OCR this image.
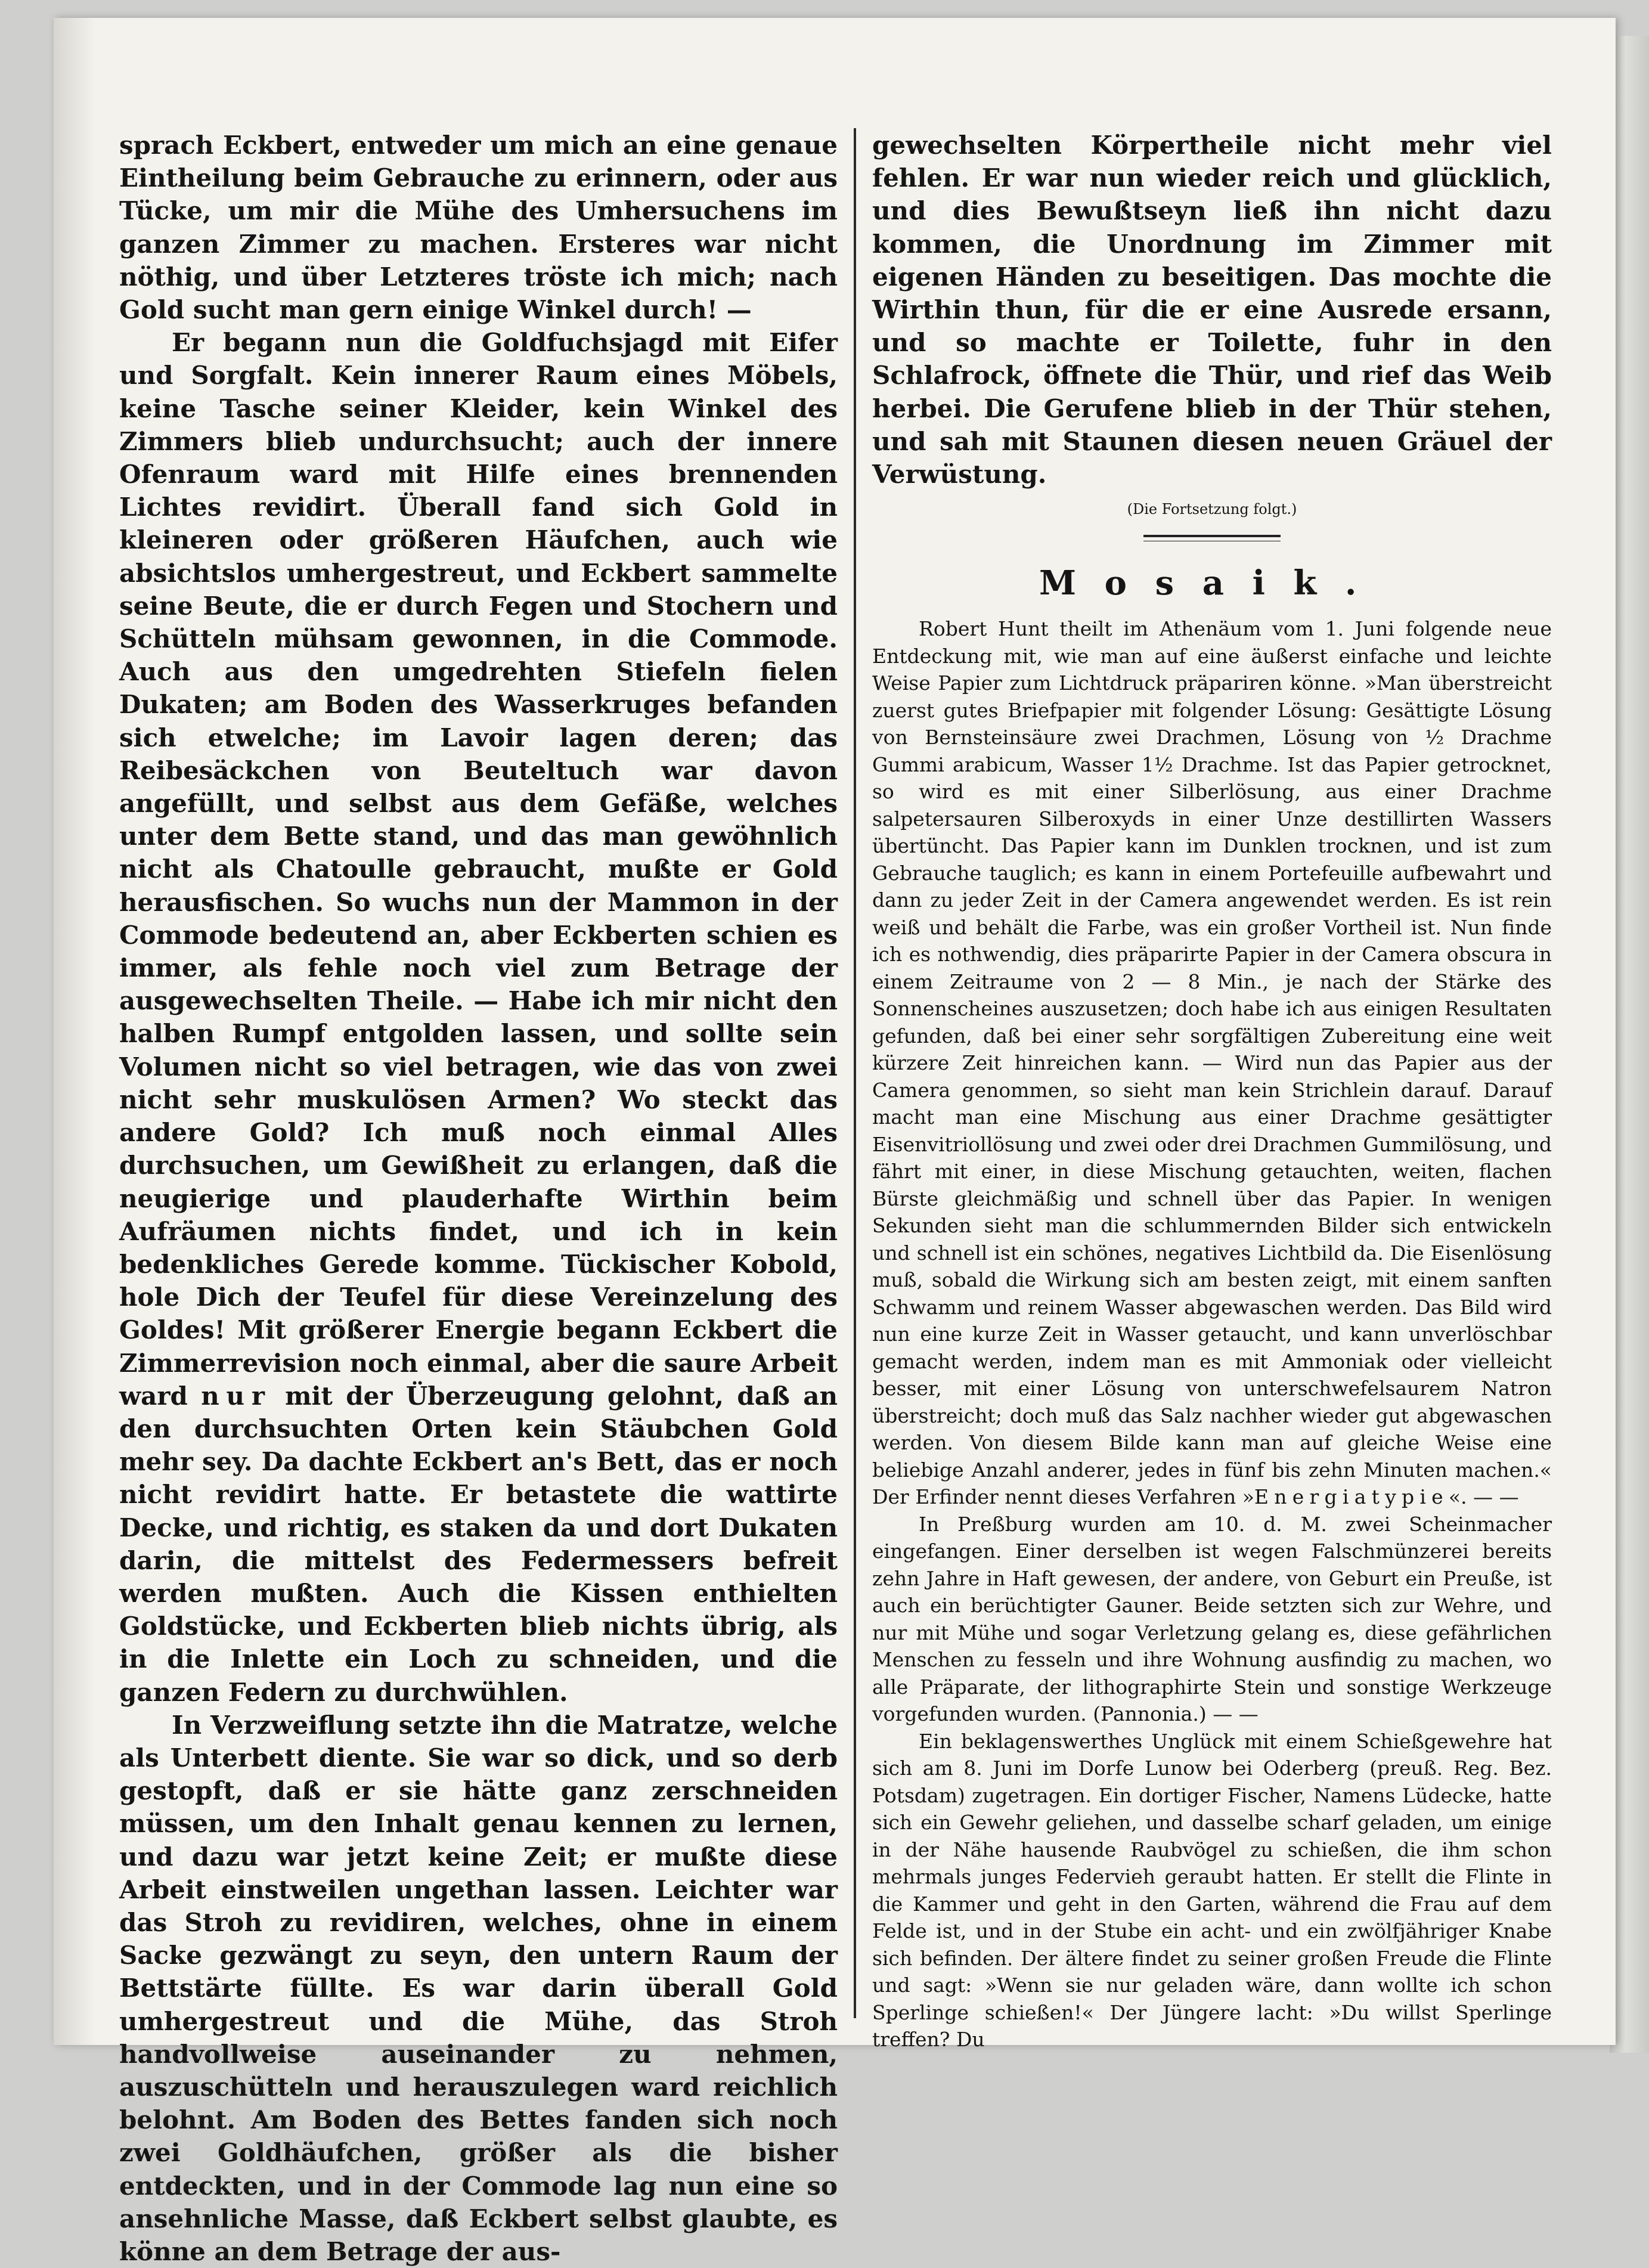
sprach Eckbert, entweder um mich an eine genaue Eintheilung beim Gebrauche zu erinnern, oder aus Tücke, um mir die Mühe des Umhersuchens im ganzen Zimmer zu machen. Ersteres war nicht nöthig, und über Letzteres tröste ich mich; nach Gold sucht man gern einige Winkel durch! —

Er begann nun die Goldfuchsjagd mit Eifer und Sorgfalt. Kein innerer Raum eines Möbels, keine Tasche seiner Kleider, kein Winkel des Zimmers blieb undurchsucht; auch der innere Ofenraum ward mit Hilfe eines brennenden Lichtes revidirt. Überall fand sich Gold in kleineren oder größeren Häufchen, auch wie absichtslos umhergestreut, und Eckbert sammelte seine Beute, die er durch Fegen und Stochern und Schütteln mühsam gewonnen, in die Commode. Auch aus den umgedrehten Stiefeln fielen Dukaten; am Boden des Wasserkruges befanden sich etwelche; im Lavoir lagen deren; das Reibesäckchen von Beuteltuch war davon angefüllt, und selbst aus dem Gefäße, welches unter dem Bette stand, und das man gewöhnlich nicht als Chatoulle gebraucht, mußte er Gold herausfischen. So wuchs nun der Mammon in der Commode bedeutend an, aber Eckberten schien es immer, als fehle noch viel zum Betrage der ausgewechselten Theile. — Habe ich mir nicht den halben Rumpf entgolden lassen, und sollte sein Volumen nicht so viel betragen, wie das von zwei nicht sehr muskulösen Armen? Wo steckt das andere Gold? Ich muß noch einmal Alles durchsuchen, um Gewißheit zu erlangen, daß die neugierige und plauderhafte Wirthin beim Aufräumen nichts findet, und ich in kein bedenkliches Gerede komme. Tückischer Kobold, hole Dich der Teufel für diese Vereinzelung des Goldes! Mit größerer Energie begann Eckbert die Zimmerrevision noch einmal, aber die saure Arbeit ward nur mit der Überzeugung gelohnt, daß an den durchsuchten Orten kein Stäubchen Gold mehr sey. Da dachte Eckbert an's Bett, das er noch nicht revidirt hatte. Er betastete die wattirte Decke, und richtig, es staken da und dort Dukaten darin, die mittelst des Federmessers befreit werden mußten. Auch die Kissen enthielten Goldstücke, und Eckberten blieb nichts übrig, als in die Inlette ein Loch zu schneiden, und die ganzen Federn zu durchwühlen.

In Verzweiflung setzte ihn die Matratze, welche als Unterbett diente. Sie war so dick, und so derb gestopft, daß er sie hätte ganz zerschneiden müssen, um den Inhalt genau kennen zu lernen, und dazu war jetzt keine Zeit; er mußte diese Arbeit einstweilen ungethan lassen. Leichter war das Stroh zu revidiren, welches, ohne in einem Sacke gezwängt zu seyn, den untern Raum der Bettstärte füllte. Es war darin überall Gold umhergestreut und die Mühe, das Stroh handvollweise auseinander zu nehmen, auszuschütteln und herauszulegen ward reichlich belohnt. Am Boden des Bettes fanden sich noch zwei Goldhäufchen, größer als die bisher entdeckten, und in der Commode lag nun eine so ansehnliche Masse, daß Eckbert selbst glaubte, es könne an dem Betrage der aus-

gewechselten Körpertheile nicht mehr viel fehlen. Er war nun wieder reich und glücklich, und dies Bewußtseyn ließ ihn nicht dazu kommen, die Unordnung im Zimmer mit eigenen Händen zu beseitigen. Das mochte die Wirthin thun, für die er eine Ausrede ersann, und so machte er Toilette, fuhr in den Schlafrock, öffnete die Thür, und rief das Weib herbei. Die Gerufene blieb in der Thür stehen, und sah mit Staunen diesen neuen Gräuel der Verwüstung.

(Die Fortsetzung folgt.)

Mosaik.

Robert Hunt theilt im Athenäum vom 1. Juni folgende neue Entdeckung mit, wie man auf eine äußerst einfache und leichte Weise Papier zum Lichtdruck präpariren könne. »Man überstreicht zuerst gutes Briefpapier mit folgender Lösung: Gesättigte Lösung von Bernsteinsäure zwei Drachmen, Lösung von ½ Drachme Gummi arabicum, Wasser 1½ Drachme. Ist das Papier getrocknet, so wird es mit einer Silberlösung, aus einer Drachme salpetersauren Silberoxyds in einer Unze destillirten Wassers übertüncht. Das Papier kann im Dunklen trocknen, und ist zum Gebrauche tauglich; es kann in einem Portefeuille aufbewahrt und dann zu jeder Zeit in der Camera angewendet werden. Es ist rein weiß und behält die Farbe, was ein großer Vortheil ist. Nun finde ich es nothwendig, dies präparirte Papier in der Camera obscura in einem Zeitraume von 2 — 8 Min., je nach der Stärke des Sonnenscheines auszusetzen; doch habe ich aus einigen Resultaten gefunden, daß bei einer sehr sorgfältigen Zubereitung eine weit kürzere Zeit hinreichen kann. — Wird nun das Papier aus der Camera genommen, so sieht man kein Strichlein darauf. Darauf macht man eine Mischung aus einer Drachme gesättigter Eisenvitriollösung und zwei oder drei Drachmen Gummilösung, und fährt mit einer, in diese Mischung getauchten, weiten, flachen Bürste gleichmäßig und schnell über das Papier. In wenigen Sekunden sieht man die schlummernden Bilder sich entwickeln und schnell ist ein schönes, negatives Lichtbild da. Die Eisenlösung muß, sobald die Wirkung sich am besten zeigt, mit einem sanften Schwamm und reinem Wasser abgewaschen werden. Das Bild wird nun eine kurze Zeit in Wasser getaucht, und kann unverlöschbar gemacht werden, indem man es mit Ammoniak oder vielleicht besser, mit einer Lösung von unterschwefelsaurem Natron überstreicht; doch muß das Salz nachher wieder gut abgewaschen werden. Von diesem Bilde kann man auf gleiche Weise eine beliebige Anzahl anderer, jedes in fünf bis zehn Minuten machen.« Der Erfinder nennt dieses Verfahren »Energiatypie«. — —

In Preßburg wurden am 10. d. M. zwei Scheinmacher eingefangen. Einer derselben ist wegen Falschmünzerei bereits zehn Jahre in Haft gewesen, der andere, von Geburt ein Preuße, ist auch ein berüchtigter Gauner. Beide setzten sich zur Wehre, und nur mit Mühe und sogar Verletzung gelang es, diese gefährlichen Menschen zu fesseln und ihre Wohnung ausfindig zu machen, wo alle Präparate, der lithographirte Stein und sonstige Werkzeuge vorgefunden wurden. (Pannonia.) — —

Ein beklagenswerthes Unglück mit einem Schießgewehre hat sich am 8. Juni im Dorfe Lunow bei Oderberg (preuß. Reg. Bez. Potsdam) zugetragen. Ein dortiger Fischer, Namens Lüdecke, hatte sich ein Gewehr geliehen, und dasselbe scharf geladen, um einige in der Nähe hausende Raubvögel zu schießen, die ihm schon mehrmals junges Federvieh geraubt hatten. Er stellt die Flinte in die Kammer und geht in den Garten, während die Frau auf dem Felde ist, und in der Stube ein acht- und ein zwölfjähriger Knabe sich befinden. Der ältere findet zu seiner großen Freude die Flinte und sagt: »Wenn sie nur geladen wäre, dann wollte ich schon Sperlinge schießen!« Der Jüngere lacht: »Du willst Sperlinge treffen? Du
